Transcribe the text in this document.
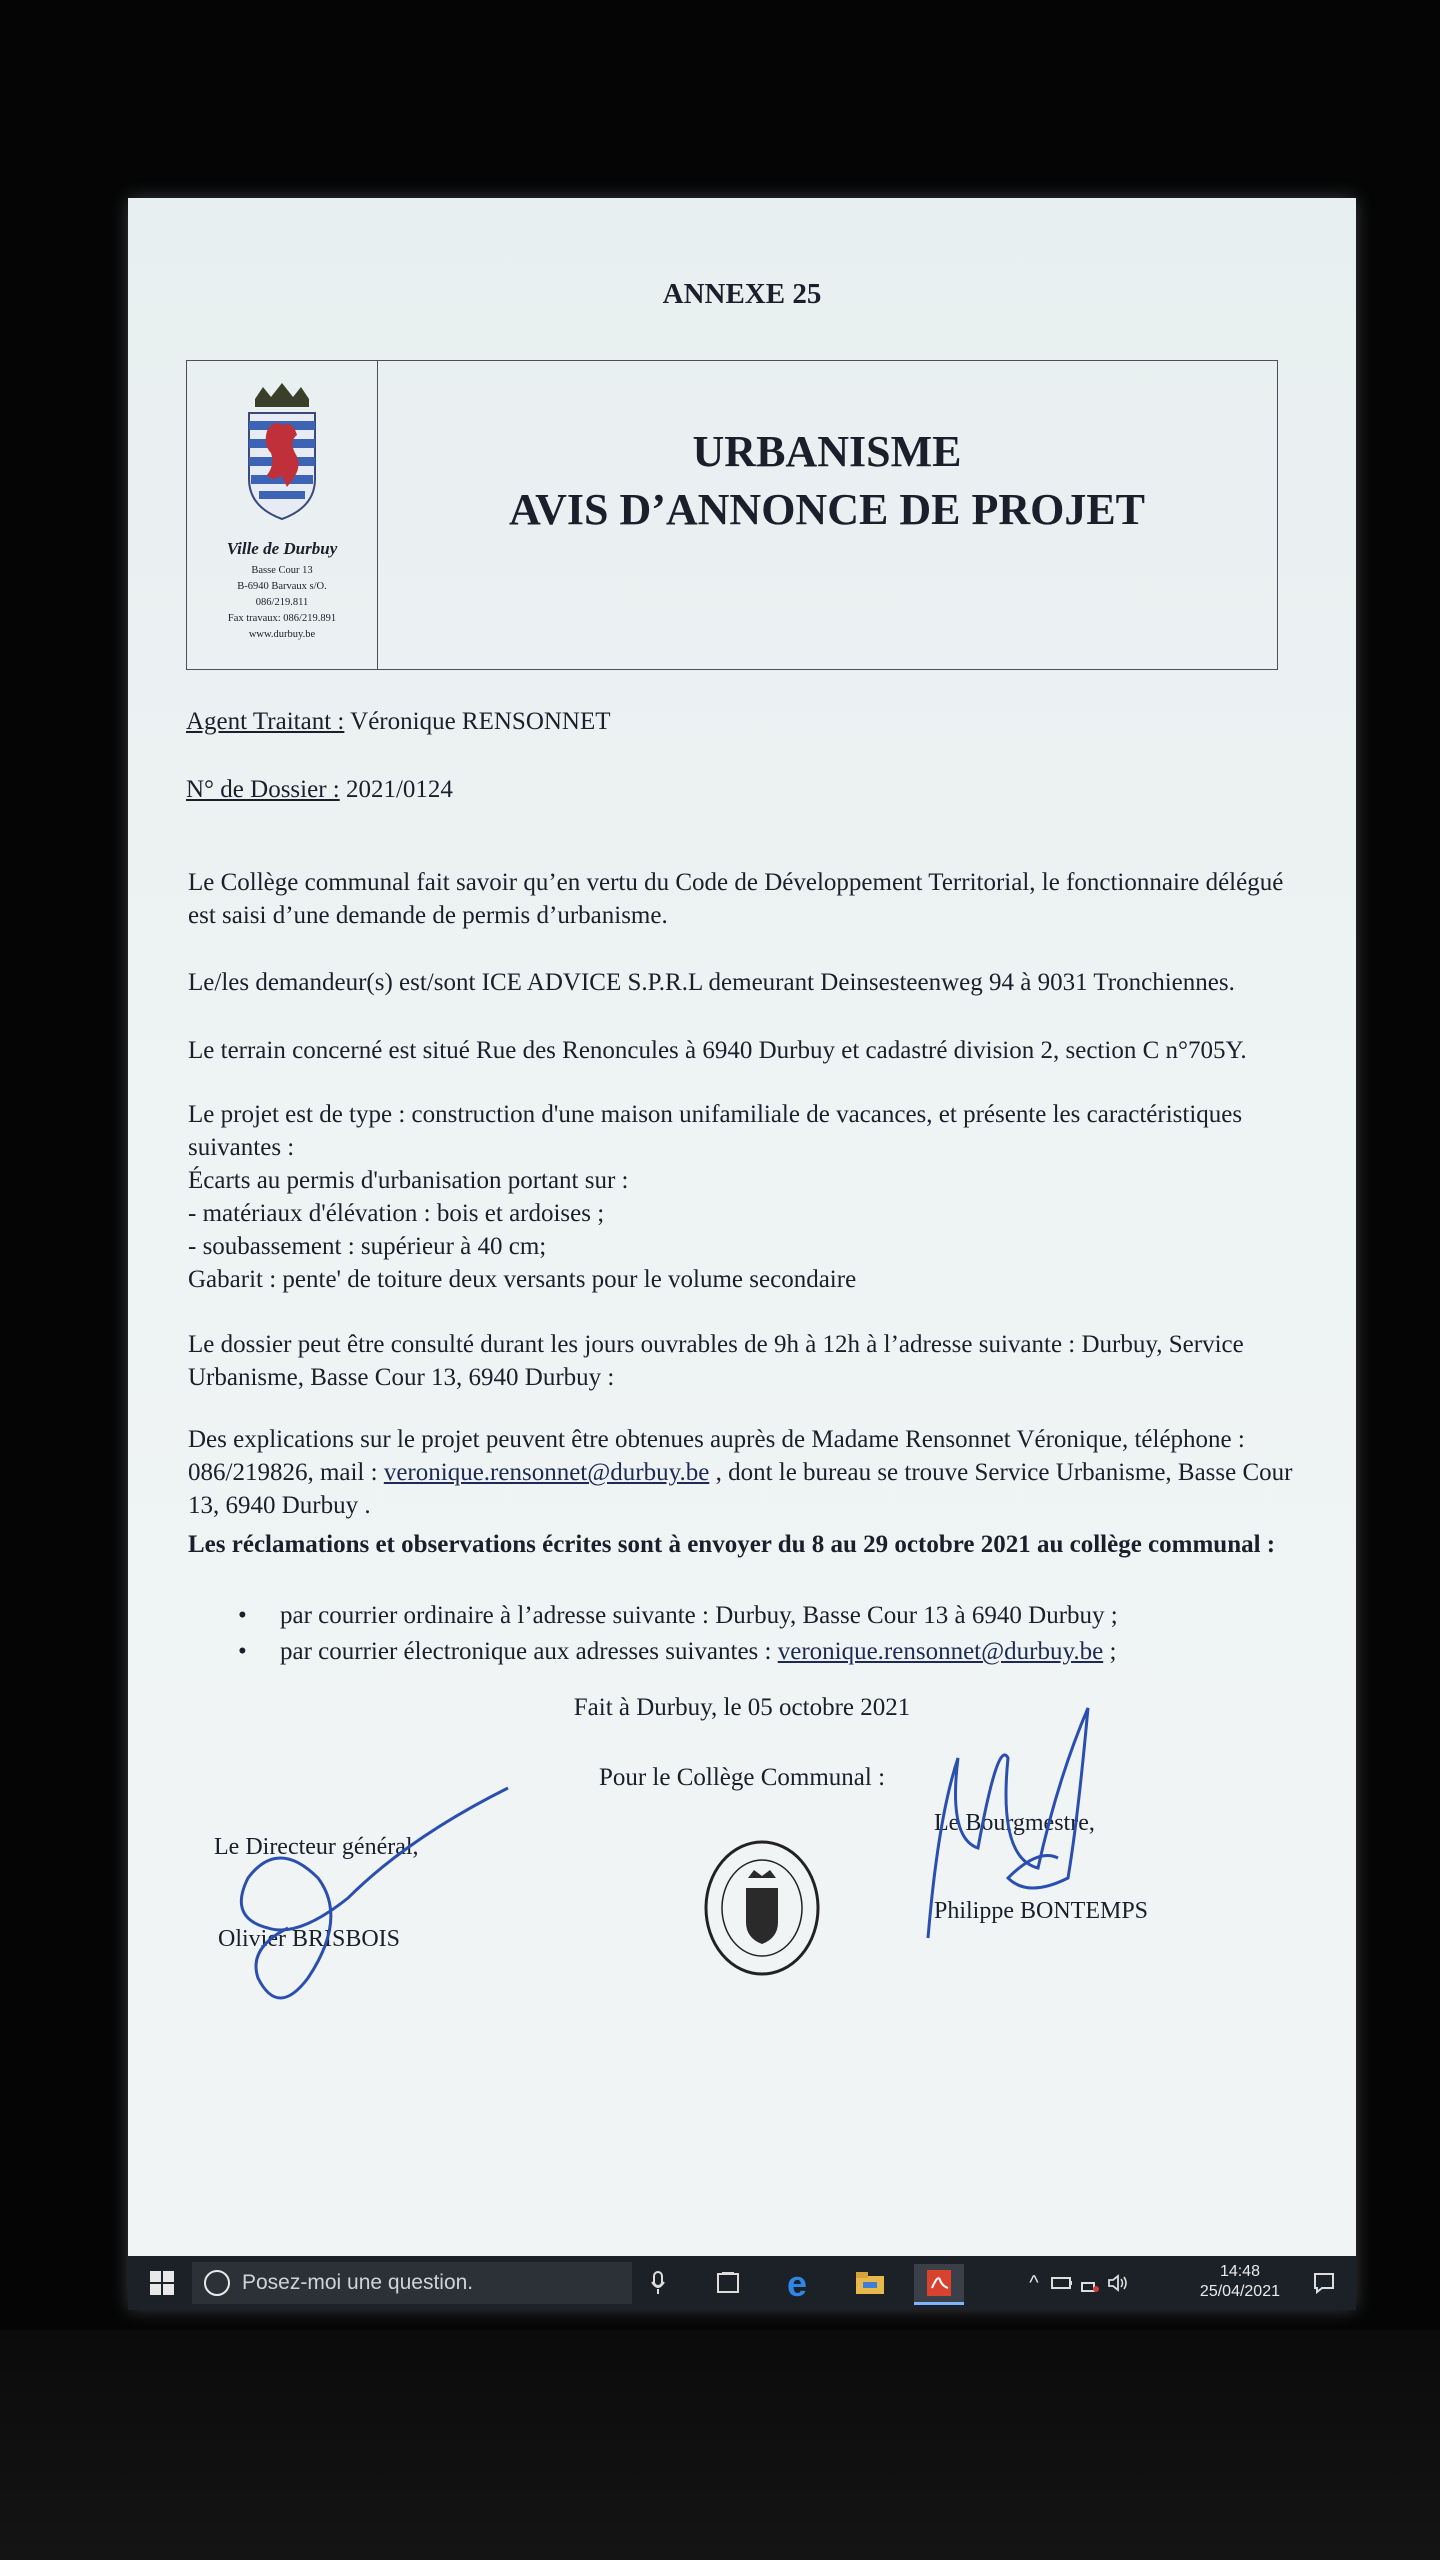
ANNEXE 25
Ville de Durbuy
Basse Cour 13
B-6940 Barvaux s/O.
086/219.811
Fax travaux: 086/219.891
www.durbuy.be
URBANISME
AVIS D’ANNONCE DE PROJET
Agent Traitant : Véronique RENSONNET
N° de Dossier : 2021/0124
Le Collège communal fait savoir qu’en vertu du Code de Développement Territorial, le fonctionnaire délégué est saisi d’une demande de permis d’urbanisme.
Le/les demandeur(s) est/sont ICE ADVICE S.P.R.L demeurant Deinsesteenweg 94 à 9031 Tronchiennes.
Le terrain concerné est situé Rue des Renoncules à 6940 Durbuy et cadastré division 2, section C n°705Y.
Le projet est de type : construction d'une maison unifamiliale de vacances, et présente les caractéristiques suivantes :
Écarts au permis d'urbanisation portant sur :
- matériaux d'élévation : bois et ardoises ;
- soubassement : supérieur à 40 cm;
Gabarit : pente' de toiture deux versants pour le volume secondaire
Le dossier peut être consulté durant les jours ouvrables de 9h à 12h à l’adresse suivante : Durbuy, Service Urbanisme, Basse Cour 13, 6940 Durbuy :
Des explications sur le projet peuvent être obtenues auprès de Madame Rensonnet Véronique, téléphone : 086/219826, mail : veronique.rensonnet@durbuy.be , dont le bureau se trouve Service Urbanisme, Basse Cour 13, 6940 Durbuy .
Les réclamations et observations écrites sont à envoyer du 8 au 29 octobre 2021 au collège communal :
• par courrier ordinaire à l’adresse suivante : Durbuy, Basse Cour 13 à 6940 Durbuy ;
• par courrier électronique aux adresses suivantes : veronique.rensonnet@durbuy.be ;
Fait à Durbuy, le 05 octobre 2021
Pour le Collège Communal :
Le Directeur général,
Olivier BRISBOIS
Le Bourgmestre,
Philippe BONTEMPS
Posez-moi une question.	e	^	14:48
25/04/2021
